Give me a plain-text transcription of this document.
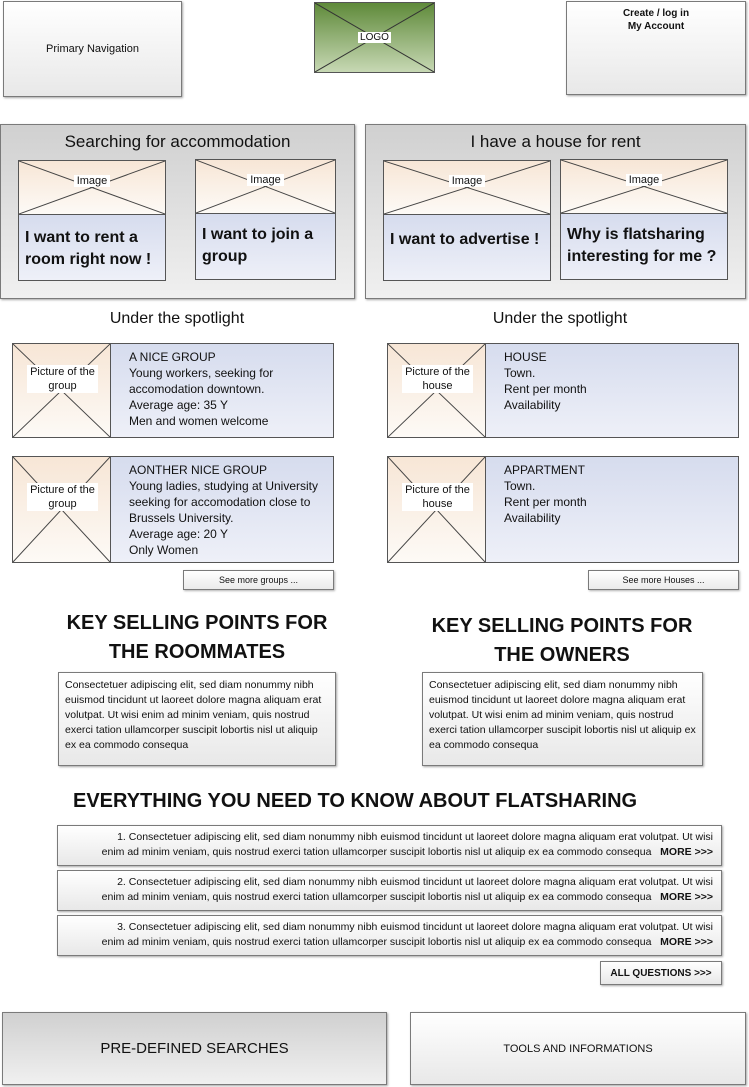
Primary Navigation
LOGO
Create / log in
My Account
Searching for accommodation
Image
I want to rent a room right now !
Image
I want to join a group
I have a house for rent
Image
I want to advertise !
Image
Why is flatsharing interesting for me ?
Under the spotlight	Under the spotlight
Picture of the group
A NICE GROUP
Young workers, seeking for accomodation downtown.
Average age: 35 Y
Men and women welcome
Picture of the group
AONTHER NICE GROUP
Young ladies, studying at University seeking for accomodation close to Brussels University.
Average age: 20 Y
Only Women
See more groups ...
Picture of the house
HOUSE
Town.
Rent per month
Availability
Picture of the house
APPARTMENT
Town.
Rent per month
Availability
See more Houses ...
KEY SELLING POINTS FOR
THE ROOMMATES
Consectetuer adipiscing elit, sed diam nonummy nibh euismod tincidunt ut laoreet dolore magna aliquam erat volutpat. Ut wisi enim ad minim veniam, quis nostrud exerci tation ullamcorper suscipit lobortis nisl ut aliquip ex ea commodo consequa
KEY SELLING POINTS FOR
THE OWNERS
Consectetuer adipiscing elit, sed diam nonummy nibh euismod tincidunt ut laoreet dolore magna aliquam erat volutpat. Ut wisi enim ad minim veniam, quis nostrud exerci tation ullamcorper suscipit lobortis nisl ut aliquip ex ea commodo consequa
EVERYTHING YOU NEED TO KNOW ABOUT FLATSHARING
1. Consectetuer adipiscing elit, sed diam nonummy nibh euismod tincidunt ut laoreet dolore magna aliquam erat volutpat. Ut wisi
enim ad minim veniam, quis nostrud exerci tation ullamcorper suscipit lobortis nisl ut aliquip ex ea commodo consequa MORE >>>
2. Consectetuer adipiscing elit, sed diam nonummy nibh euismod tincidunt ut laoreet dolore magna aliquam erat volutpat. Ut wisi
enim ad minim veniam, quis nostrud exerci tation ullamcorper suscipit lobortis nisl ut aliquip ex ea commodo consequa MORE >>>
3. Consectetuer adipiscing elit, sed diam nonummy nibh euismod tincidunt ut laoreet dolore magna aliquam erat volutpat. Ut wisi
enim ad minim veniam, quis nostrud exerci tation ullamcorper suscipit lobortis nisl ut aliquip ex ea commodo consequa MORE >>>
ALL QUESTIONS >>>
PRE-DEFINED SEARCHES	TOOLS AND INFORMATIONS
